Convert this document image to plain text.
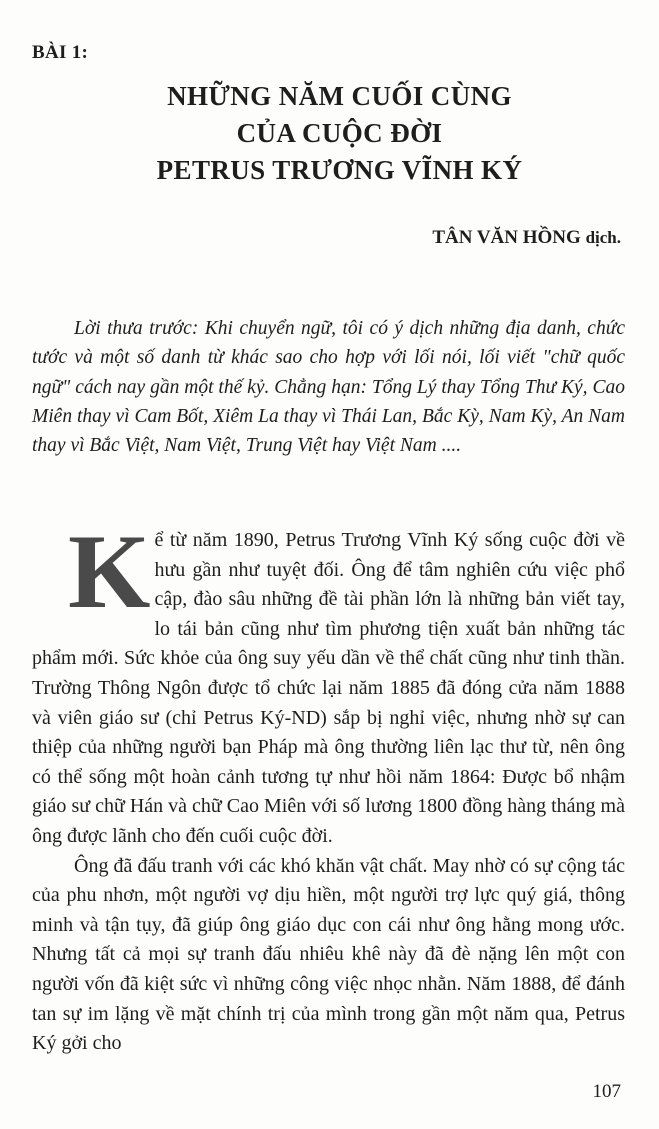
BÀI 1:
NHỮNG NĂM CUỐI CÙNG
CỦA CUỘC ĐỜI
PETRUS TRƯƠNG VĨNH KÝ
TÂN VĂN HỒNG dịch.

Lời thưa trước: Khi chuyển ngữ, tôi có ý dịch những địa danh, chức tước và một số danh từ khác sao cho hợp với lối nói, lối viết "chữ quốc ngữ" cách nay gần một thế kỷ. Chẳng hạn: Tổng Lý thay Tổng Thư Ký, Cao Miên thay vì Cam Bốt, Xiêm La thay vì Thái Lan, Bắc Kỳ, Nam Kỳ, An Nam thay vì Bắc Việt, Nam Việt, Trung Việt hay Việt Nam ....

Kể từ năm 1890, Petrus Trương Vĩnh Ký sống cuộc đời về hưu gần như tuyệt đối. Ông để tâm nghiên cứu việc phổ cập, đào sâu những đề tài phần lớn là những bản viết tay, lo tái bản cũng như tìm phương tiện xuất bản những tác phẩm mới. Sức khỏe của ông suy yếu dần về thể chất cũng như tinh thần. Trường Thông Ngôn được tổ chức lại năm 1885 đã đóng cửa năm 1888 và viên giáo sư (chỉ Petrus Ký-ND) sắp bị nghỉ việc, nhưng nhờ sự can thiệp của những người bạn Pháp mà ông thường liên lạc thư từ, nên ông có thể sống một hoàn cảnh tương tự như hồi năm 1864: Được bổ nhậm giáo sư chữ Hán và chữ Cao Miên với số lương 1800 đồng hàng tháng mà ông được lãnh cho đến cuối cuộc đời.

Ông đã đấu tranh với các khó khăn vật chất. May nhờ có sự cộng tác của phu nhơn, một người vợ dịu hiền, một người trợ lực quý giá, thông minh và tận tụy, đã giúp ông giáo dục con cái như ông hằng mong ước. Nhưng tất cả mọi sự tranh đấu nhiêu khê này đã đè nặng lên một con người vốn đã kiệt sức vì những công việc nhọc nhằn. Năm 1888, để đánh tan sự im lặng về mặt chính trị của mình trong gần một năm qua, Petrus Ký gởi cho

107
